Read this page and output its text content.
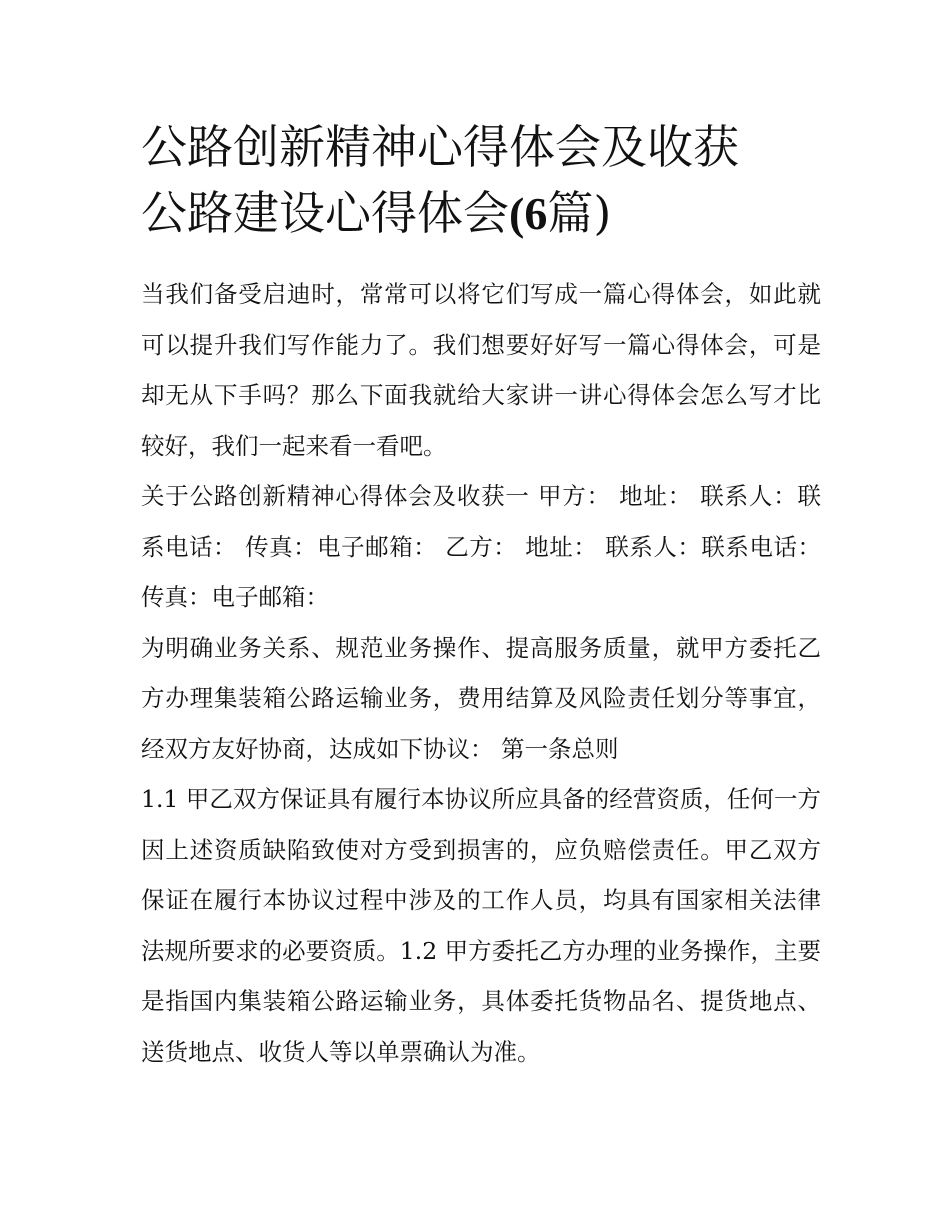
公路创新精神心得体会及收获
公路建设心得体会(6篇)

当我们备受启迪时，常常可以将它们写成一篇心得体会，如此就可以提升我们写作能力了。我们想要好好写一篇心得体会，可是却无从下手吗？那么下面我就给大家讲一讲心得体会怎么写才比较好，我们一起来看一看吧。

关于公路创新精神心得体会及收获一 甲方： 地址： 联系人：联系电话： 传真：电子邮箱： 乙方： 地址： 联系人：联系电话： 传真：电子邮箱：

为明确业务关系、规范业务操作、提高服务质量，就甲方委托乙方办理集装箱公路运输业务，费用结算及风险责任划分等事宜，经双方友好协商，达成如下协议： 第一条总则

1.1 甲乙双方保证具有履行本协议所应具备的经营资质，任何一方因上述资质缺陷致使对方受到损害的，应负赔偿责任。甲乙双方保证在履行本协议过程中涉及的工作人员，均具有国家相关法律法规所要求的必要资质。1.2 甲方委托乙方办理的业务操作，主要是指国内集装箱公路运输业务，具体委托货物品名、提货地点、送货地点、收货人等以单票确认为准。
